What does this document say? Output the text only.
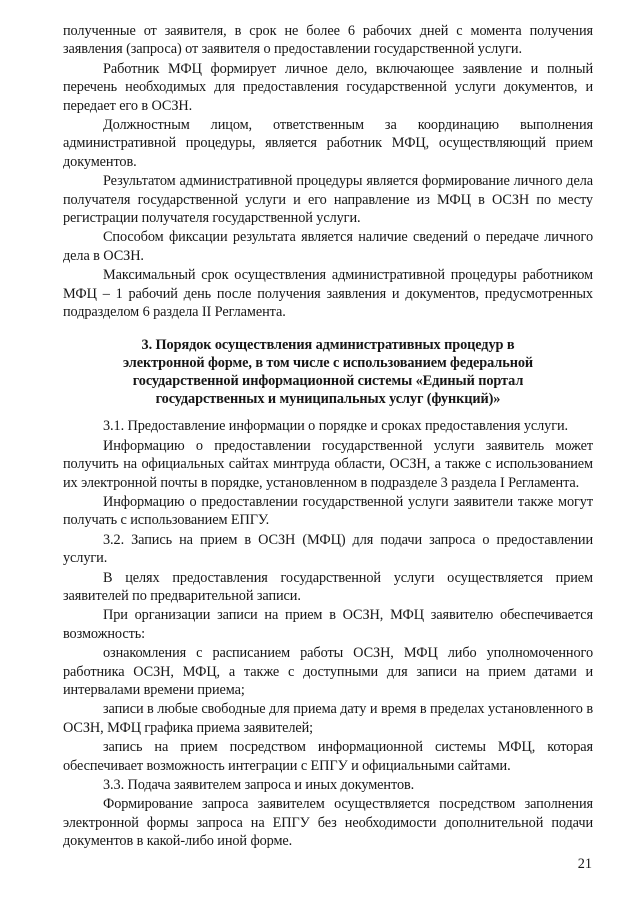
полученные от заявителя, в срок не более 6 рабочих дней с момента получения заявления (запроса) от заявителя о предоставлении государственной услуги.

Работник МФЦ формирует личное дело, включающее заявление и полный перечень необходимых для предоставления государственной услуги документов, и передает его в ОСЗН.

Должностным лицом, ответственным за координацию выполнения административной процедуры, является работник МФЦ, осуществляющий прием документов.

Результатом административной процедуры является формирование личного дела получателя государственной услуги и его направление из МФЦ в ОСЗН по месту регистрации получателя государственной услуги.

Способом фиксации результата является наличие сведений о передаче личного дела в ОСЗН.

Максимальный срок осуществления административной процедуры работником МФЦ – 1 рабочий день после получения заявления и документов, предусмотренных подразделом 6 раздела II Регламента.

3. Порядок осуществления административных процедур в электронной форме, в том числе с использованием федеральной государственной информационной системы «Единый портал государственных и муниципальных услуг (функций)»

3.1. Предоставление информации о порядке и сроках предоставления услуги.

Информацию о предоставлении государственной услуги заявитель может получить на официальных сайтах минтруда области, ОСЗН, а также с использованием их электронной почты в порядке, установленном в подразделе 3 раздела I Регламента.

Информацию о предоставлении государственной услуги заявители также могут получать с использованием ЕПГУ.

3.2. Запись на прием в ОСЗН (МФЦ) для подачи запроса о предоставлении услуги.

В целях предоставления государственной услуги осуществляется прием заявителей по предварительной записи.

При организации записи на прием в ОСЗН, МФЦ заявителю обеспечивается возможность:

ознакомления с расписанием работы ОСЗН, МФЦ либо уполномоченного работника ОСЗН, МФЦ, а также с доступными для записи на прием датами и интервалами времени приема;

записи в любые свободные для приема дату и время в пределах установленного в ОСЗН, МФЦ графика приема заявителей;

запись на прием посредством информационной системы МФЦ, которая обеспечивает возможность интеграции с ЕПГУ и официальными сайтами.

3.3. Подача заявителем запроса и иных документов.

Формирование запроса заявителем осуществляется посредством заполнения электронной формы запроса на ЕПГУ без необходимости дополнительной подачи документов в какой-либо иной форме.

21
